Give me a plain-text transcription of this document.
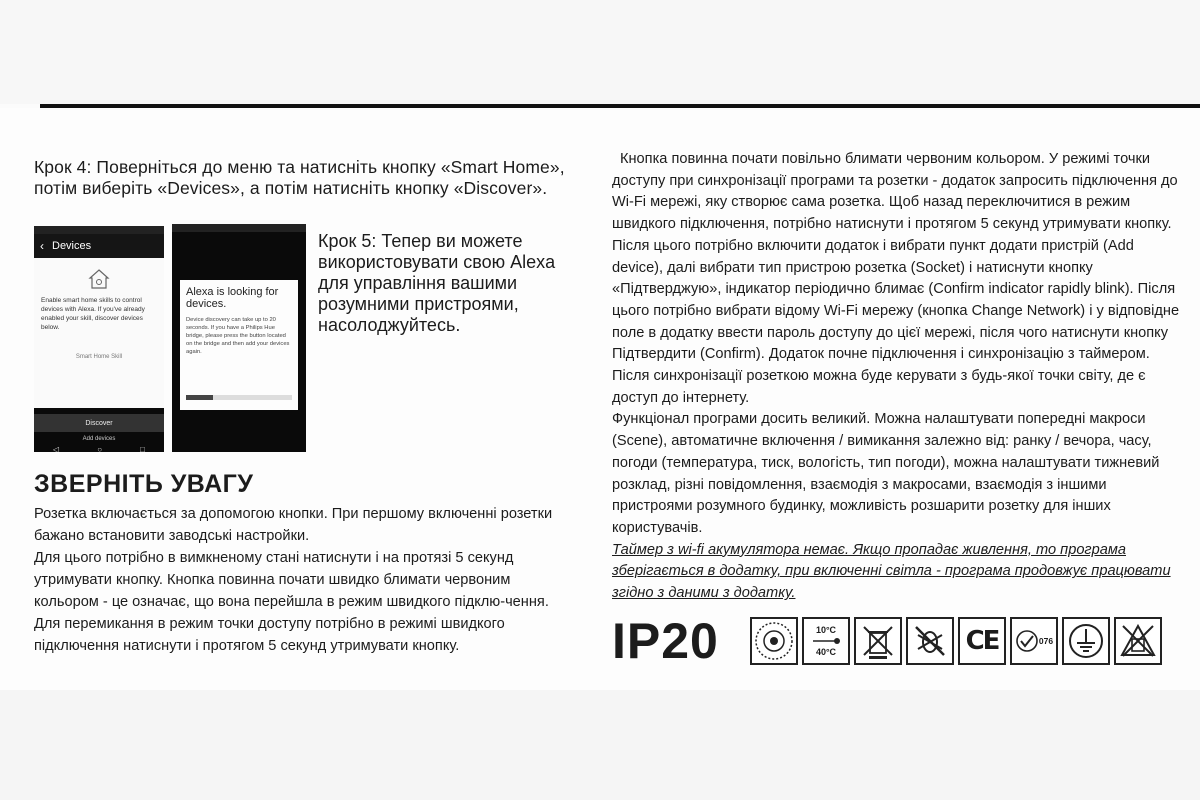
Крок 4: Поверніться до меню та натисніть кнопку «Smart Home», потім виберіть «Devices», а потім натисніть кнопку «Discover».
‹ Devices
Enable smart home skills to control devices with Alexa. If you've already enabled your skill, discover devices below.
Smart Home Skill
Discover
Add devices
◁	○	□
Alexa is looking for devices.
Device discovery can take up to 20 seconds. If you have a Philips Hue bridge, please press the button located on the bridge and then add your devices again.
Крок 5: Тепер ви можете використовувати свою Alexa для управління вашими розумними пристроями, насолоджуйтесь.
ЗВЕРНІТЬ УВАГУ

Розетка включається за допомогою кнопки. При першому включенні розетки бажано встановити заводські настройки.

Для цього потрібно в вимкненому стані натиснути і на протязі 5 секунд утримувати кнопку. Кнопка повинна почати швидко блимати червоним кольором - це означає, що вона перейшла в режим швидкого підклю-чення. Для перемикання в режим точки доступу потрібно в режимі швидкого підключення натиснути і протягом 5 секунд утримувати кнопку.

Кнопка повинна почати повільно блимати червоним кольором. У режимі точки доступу при синхронізації програми та розетки - додаток запросить підключення до Wi-Fi мережі, яку створює сама розетка. Щоб назад переключитися в режим швидкого підключення, потрібно натиснути і протягом 5 секунд утримувати кнопку. Після цього потрібно включити додаток і вибрати пункт додати пристрій (Add device), далі вибрати тип пристрою розетка (Socket) і натиснути кнопку «Підтверджую», індикатор періодично блимає (Confirm indicator rapidly blink). Після цього потрібно вибрати відому Wi-Fi мережу (кнопка Change Network) і у відповідне поле в додатку ввести пароль доступу до цієї мережі, після чого натиснути кнопку Підтвердити (Confirm). Додаток почне підключення і синхронізацію з таймером. Після синхронізації розеткою можна буде керувати з будь-якої точки світу, де є доступ до інтернету.

Функціонал програми досить великий. Можна налаштувати попередні макроси (Scene), автоматичне включення / вимикання залежно від: ранку / вечора, часу, погоди (температура, тиск, вологість, тип погоди), можна налаштувати тижневий розклад, різні повідомлення, взаємодія з макросами, взаємодія з іншими пристроями розумного будинку, можливість розшарити розетку для інших користувачів.

Таймер з wi-fi акумулятора немає. Якщо пропадає живлення, то програма зберігається в додатку, при включенні світла - програма продовжує працювати згідно з даними з додатку.

IP20	10°C
40°C	CE	076
